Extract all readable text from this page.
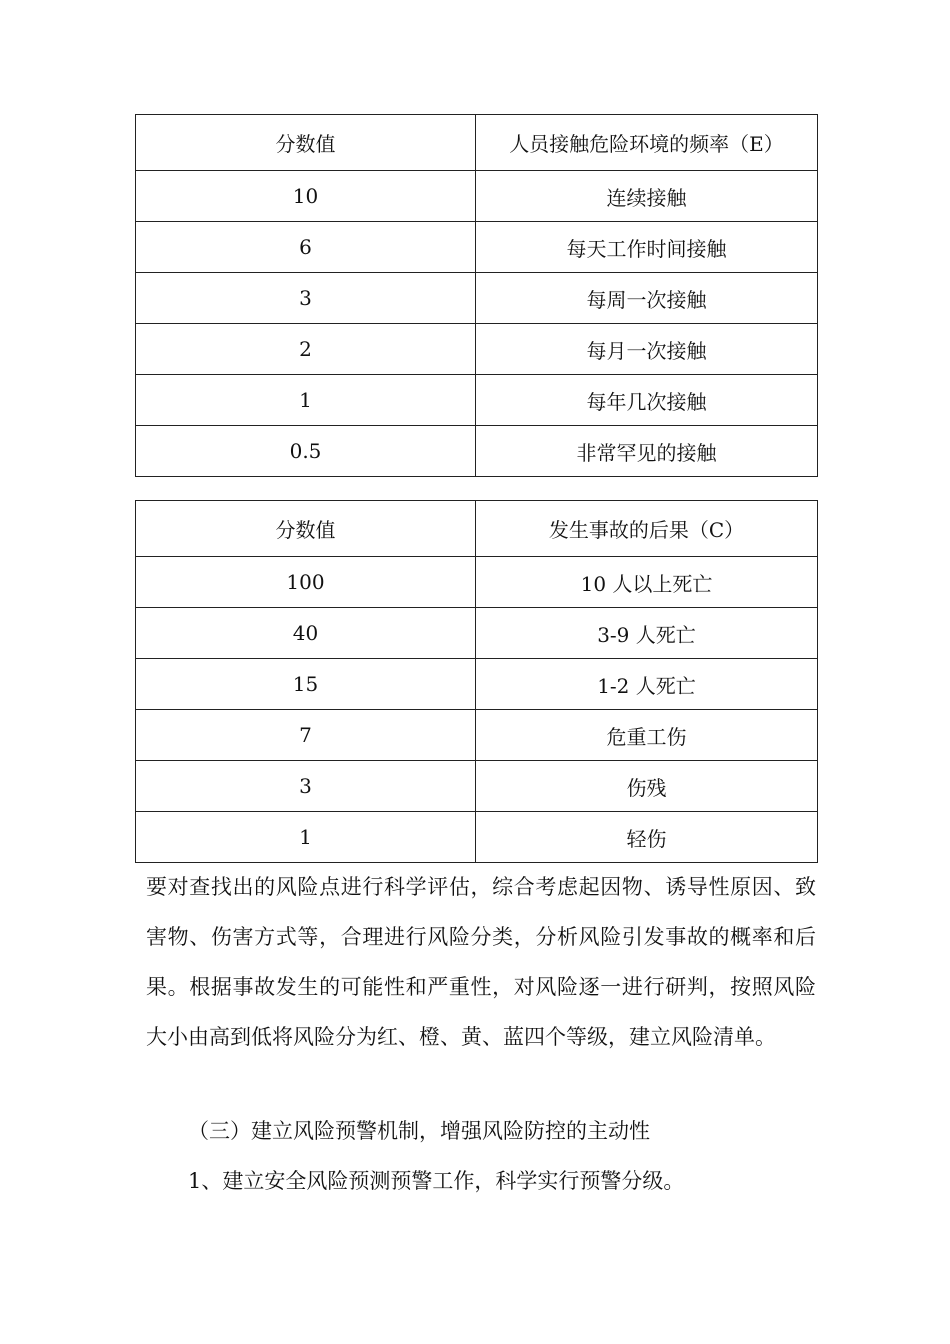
分数值	人员接触危险环境的频率（E）
10	连续接触
6	每天工作时间接触
3	每周一次接触
2	每月一次接触
1	每年几次接触
0.5	非常罕见的接触
分数值	发生事故的后果（C）
100	10 人以上死亡
40	3-9 人死亡
15	1-2 人死亡
7	危重工伤
3	伤残
1	轻伤

要对查找出的风险点进行科学评估，综合考虑起因物、诱导性原因、致害物、伤害方式等，合理进行风险分类，分析风险引发事故的概率和后果。根据事故发生的可能性和严重性，对风险逐一进行研判，按照风险大小由高到低将风险分为红、橙、黄、蓝四个等级，建立风险清单。

（三）建立风险预警机制，增强风险防控的主动性

1、建立安全风险预测预警工作，科学实行预警分级。
